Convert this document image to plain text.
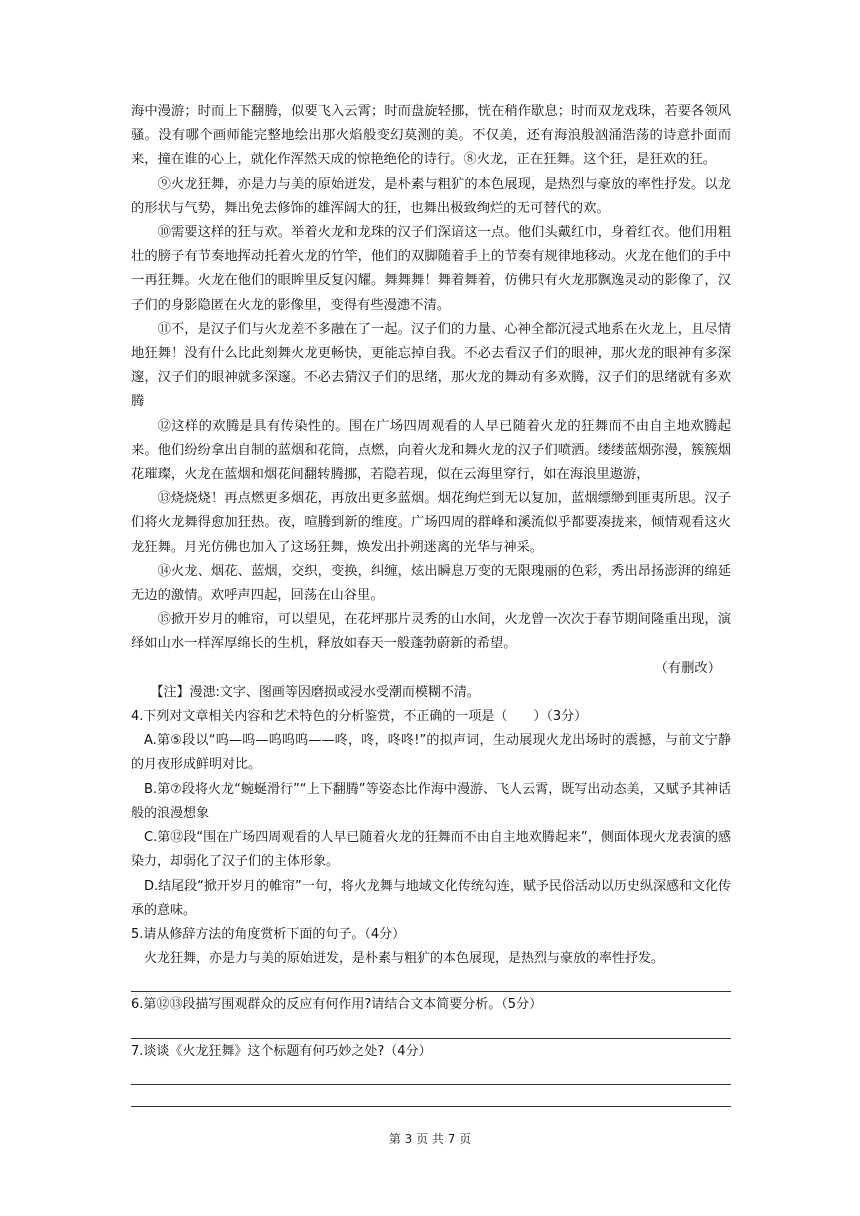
海中漫游；时而上下翻腾，似要飞入云霄；时而盘旋轻挪，恍在稍作歇息；时而双龙戏珠，若要各领风骚。没有哪个画师能完整地绘出那火焰般变幻莫测的美。不仅美，还有海浪般汹涌浩荡的诗意扑面而来，撞在谁的心上，就化作浑然天成的惊艳绝伦的诗行。⑧火龙，正在狂舞。这个狂，是狂欢的狂。

⑨火龙狂舞，亦是力与美的原始迸发，是朴素与粗犷的本色展现，是热烈与豪放的率性抒发。以龙的形状与气势，舞出免去修饰的雄浑阔大的狂，也舞出极致绚烂的无可替代的欢。

⑩需要这样的狂与欢。举着火龙和龙珠的汉子们深谙这一点。他们头戴红巾，身着红衣。他们用粗壮的膀子有节奏地挥动托着火龙的竹竿，他们的双脚随着手上的节奏有规律地移动。火龙在他们的手中一再狂舞。火龙在他们的眼眸里反复闪耀。舞舞舞！舞着舞着，仿佛只有火龙那飘逸灵动的影像了，汉子们的身影隐匿在火龙的影像里，变得有些漫漶不清。

⑪不，是汉子们与火龙差不多融在了一起。汉子们的力量、心神全都沉浸式地系在火龙上，且尽情地狂舞！没有什么比此刻舞火龙更畅快，更能忘掉自我。不必去看汉子们的眼神，那火龙的眼神有多深邃，汉子们的眼神就多深邃。不必去猜汉子们的思绪，那火龙的舞动有多欢腾，汉子们的思绪就有多欢腾

⑫这样的欢腾是具有传染性的。围在广场四周观看的人早已随着火龙的狂舞而不由自主地欢腾起来。他们纷纷拿出自制的蓝烟和花筒，点燃，向着火龙和舞火龙的汉子们喷洒。缕缕蓝烟弥漫，簇簇烟花璀璨，火龙在蓝烟和烟花间翻转腾挪，若隐若现，似在云海里穿行，如在海浪里遨游，

⑬烧烧烧！再点燃更多烟花，再放出更多蓝烟。烟花绚烂到无以复加，蓝烟缥缈到匪夷所思。汉子们将火龙舞得愈加狂热。夜，喧腾到新的维度。广场四周的群峰和溪流似乎都要凑拢来，倾情观看这火龙狂舞。月光仿佛也加入了这场狂舞，焕发出扑朔迷离的光华与神采。

⑭火龙、烟花、蓝烟，交织，变换，纠缠，炫出瞬息万变的无限瑰丽的色彩，秀出昂扬澎湃的绵延无边的激情。欢呼声四起，回荡在山谷里。

⑮掀开岁月的帷帘，可以望见，在花坪那片灵秀的山水间，火龙曾一次次于春节期间隆重出现，演绎如山水一样浑厚绵长的生机，释放如春天一般蓬勃蔚新的希望。

（有删改）

【注】漫漶:文字、图画等因磨损或浸水受潮而模糊不清。

4.下列对文章相关内容和艺术特色的分析鉴赏，不正确的一项是（　　）（3分）

A.第⑤段以“呜—呜—呜呜呜——咚，咚，咚咚!”的拟声词，生动展现火龙出场时的震撼，与前文宁静的月夜形成鲜明对比。

B.第⑦段将火龙“蜿蜒滑行”“上下翻腾”等姿态比作海中漫游、飞人云霄，既写出动态美，又赋予其神话般的浪漫想象

C.第⑫段“围在广场四周观看的人早已随着火龙的狂舞而不由自主地欢腾起来”，侧面体现火龙表演的感染力，却弱化了汉子们的主体形象。

D.结尾段“掀开岁月的帷帘”一句，将火龙舞与地域文化传统勾连，赋予民俗活动以历史纵深感和文化传承的意味。

5.请从修辞方法的角度赏析下面的句子。（4分）

火龙狂舞，亦是力与美的原始迸发，是朴素与粗犷的本色展现，是热烈与豪放的率性抒发。

6.第⑫⑬段描写围观群众的反应有何作用?请结合文本简要分析。（5分）

7.谈谈《火龙狂舞》这个标题有何巧妙之处?（4分）

第 3 页 共 7 页
